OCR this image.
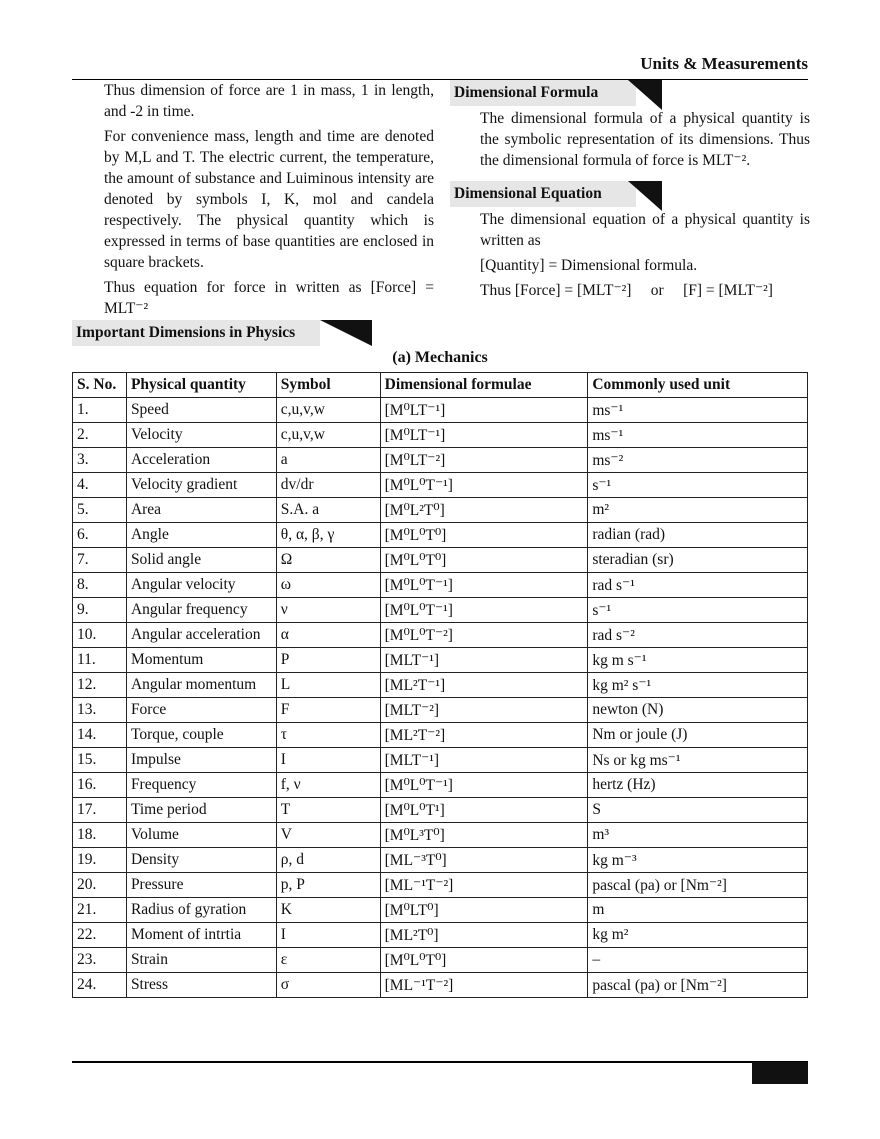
Units & Measurements

Thus dimension of force are 1 in mass, 1 in length, and -2 in time.

For convenience mass, length and time are denoted by M,L and T. The electric current, the temperature, the amount of substance and Luiminous intensity are denoted by symbols I, K, mol and candela respectively. The physical quantity which is expressed in terms of base quantities are enclosed in square brackets.

Thus equation for force in written as [Force] = MLT⁻²

Dimensional Formula

The dimensional formula of a physical quantity is the symbolic representation of its dimensions. Thus the dimensional formula of force is MLT⁻².

Dimensional Equation

The dimensional equation of a physical quantity is written as

[Quantity] = Dimensional formula.

Thus [Force] = [MLT⁻²]     or     [F] = [MLT⁻²]

Important Dimensions in Physics
(a) Mechanics
S. No.	Physical quantity	Symbol	Dimensional formulae	Commonly used unit
1.	Speed	c,u,v,w	[M⁰LT⁻¹]	ms⁻¹
2.	Velocity	c,u,v,w	[M⁰LT⁻¹]	ms⁻¹
3.	Acceleration	a	[M⁰LT⁻²]	ms⁻²
4.	Velocity gradient	dv/dr	[M⁰L⁰T⁻¹]	s⁻¹
5.	Area	S.A. a	[M⁰L²T⁰]	m²
6.	Angle	θ, α, β, γ	[M⁰L⁰T⁰]	radian (rad)
7.	Solid angle	Ω	[M⁰L⁰T⁰]	steradian (sr)
8.	Angular velocity	ω	[M⁰L⁰T⁻¹]	rad s⁻¹
9.	Angular frequency	ν	[M⁰L⁰T⁻¹]	s⁻¹
10.	Angular acceleration	α	[M⁰L⁰T⁻²]	rad s⁻²
11.	Momentum	P	[MLT⁻¹]	kg m s⁻¹
12.	Angular momentum	L	[ML²T⁻¹]	kg m² s⁻¹
13.	Force	F	[MLT⁻²]	newton (N)
14.	Torque, couple	τ	[ML²T⁻²]	Nm or joule (J)
15.	Impulse	I	[MLT⁻¹]	Ns or kg ms⁻¹
16.	Frequency	f, ν	[M⁰L⁰T⁻¹]	hertz (Hz)
17.	Time period	T	[M⁰L⁰T¹]	S
18.	Volume	V	[M⁰L³T⁰]	m³
19.	Density	ρ, d	[ML⁻³T⁰]	kg m⁻³
20.	Pressure	p, P	[ML⁻¹T⁻²]	pascal (pa) or [Nm⁻²]
21.	Radius of gyration	K	[M⁰LT⁰]	m
22.	Moment of intrtia	I	[ML²T⁰]	kg m²
23.	Strain	ε	[M⁰L⁰T⁰]	–
24.	Stress	σ	[ML⁻¹T⁻²]	pascal (pa) or [Nm⁻²]
